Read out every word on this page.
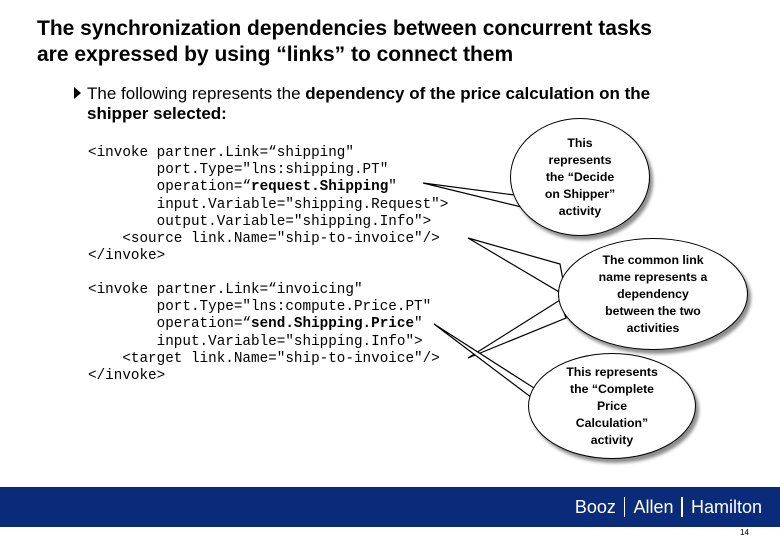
The synchronization dependencies between concurrent tasks
are expressed by using “links” to connect them
The following represents the dependency of the price calculation on the
shipper selected:
<invoke partner.Link=“shipping"
port.Type="lns:shipping.PT"
operation=“request.Shipping"
input.Variable="shipping.Request">
output.Variable="shipping.Info">
<source link.Name="ship-to-invoice"/>
</invoke>
<invoke partner.Link=“invoicing"
port.Type="lns:compute.Price.PT"
operation=“send.Shipping.Price"
input.Variable="shipping.Info">
<target link.Name="ship-to-invoice"/>
</invoke>
This
represents
the “Decide
on Shipper”
activity
The common link
name represents a
dependency
between the two
activities
This represents
the “Complete
Price
Calculation”
activity
Booz Allen Hamilton
14
